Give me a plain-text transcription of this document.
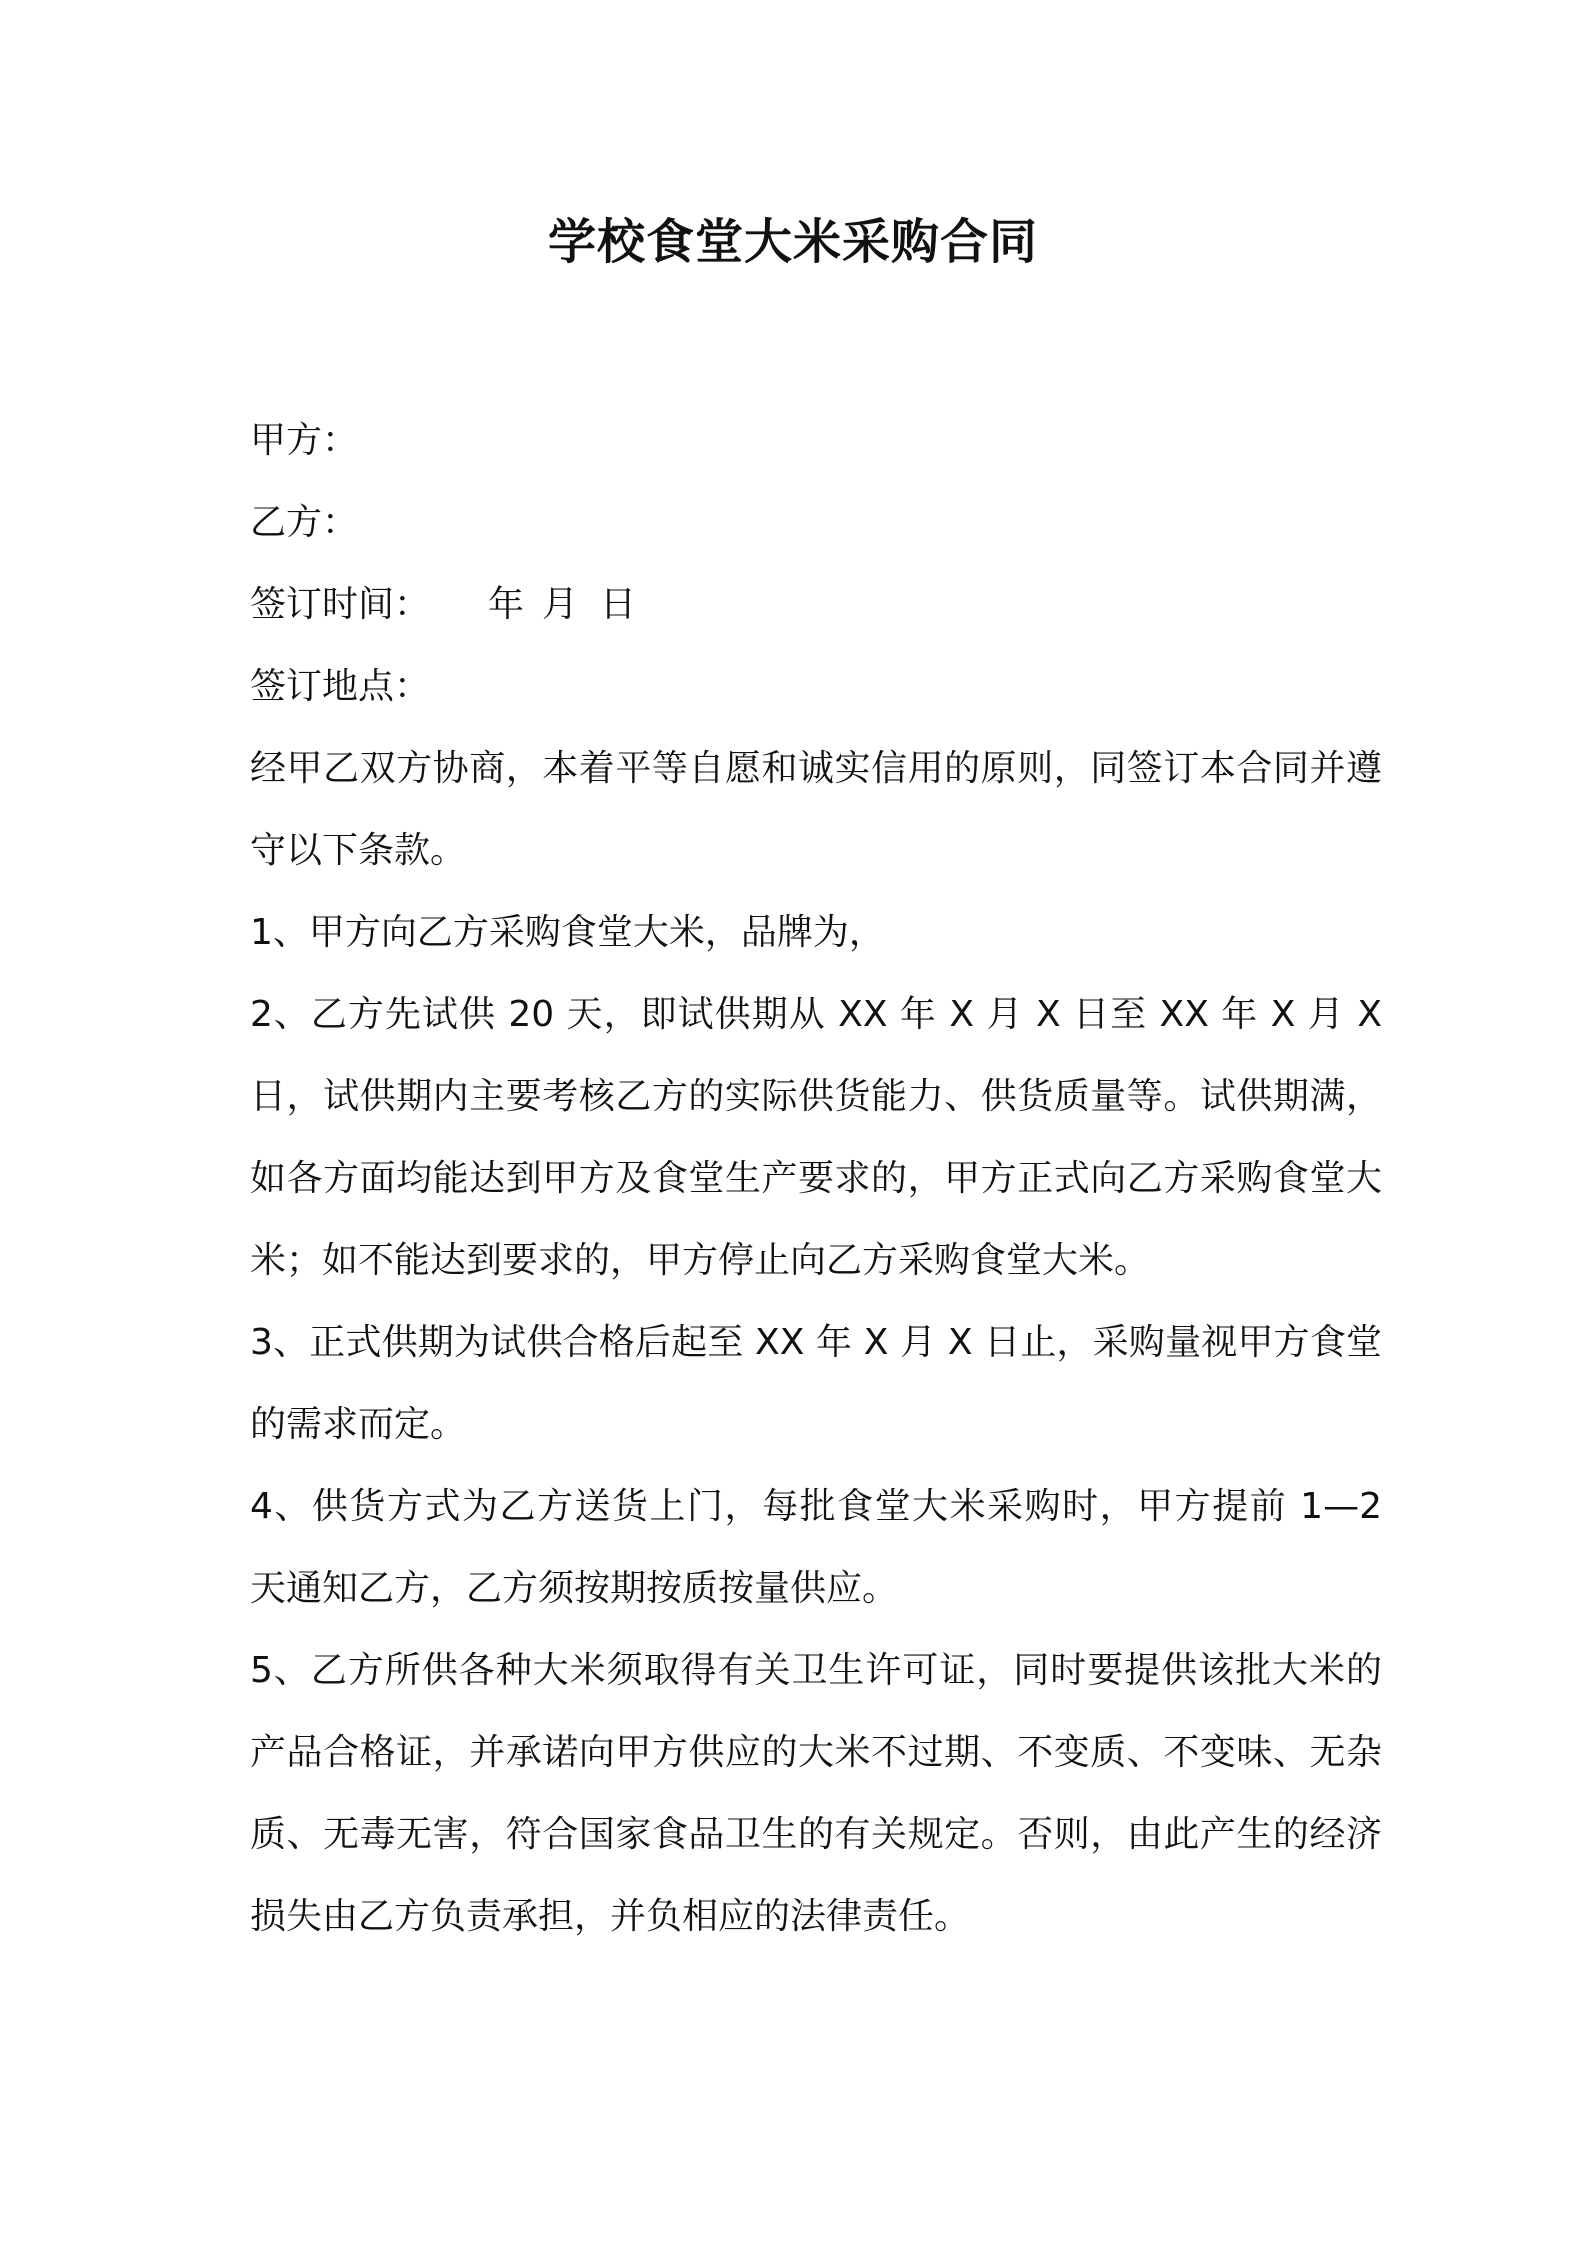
学校食堂大米采购合同

甲方：

乙方：

签订时间： 年 月 日

签订地点：

经甲乙双方协商，本着平等自愿和诚实信用的原则，同签订本合同并遵守以下条款。

1、甲方向乙方采购食堂大米，品牌为，

2、乙方先试供 20 天，即试供期从 XX 年 X 月 X 日至 XX 年 X 月 X 日，试供期内主要考核乙方的实际供货能力、供货质量等。试供期满，如各方面均能达到甲方及食堂生产要求的，甲方正式向乙方采购食堂大米；如不能达到要求的，甲方停止向乙方采购食堂大米。

3、正式供期为试供合格后起至 XX 年 X 月 X 日止，采购量视甲方食堂的需求而定。

4、供货方式为乙方送货上门，每批食堂大米采购时，甲方提前 1—2 天通知乙方，乙方须按期按质按量供应。

5、乙方所供各种大米须取得有关卫生许可证，同时要提供该批大米的产品合格证，并承诺向甲方供应的大米不过期、不变质、不变味、无杂质、无毒无害，符合国家食品卫生的有关规定。否则，由此产生的经济损失由乙方负责承担，并负相应的法律责任。
